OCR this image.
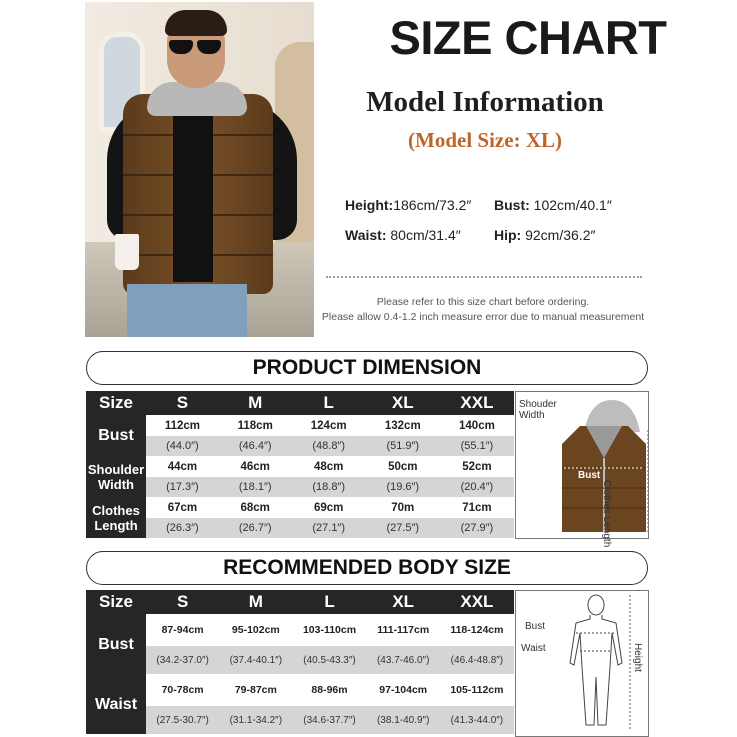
SIZE CHART
Model Information
(Model Size: XL)
Height:186cm/73.2″ Bust: 102cm/40.1″
Waist: 80cm/31.4″ Hip: 92cm/36.2″
Please refer to this size chart before ordering.
Please allow 0.4-1.2 inch measure error due to manual measurement
PRODUCT DIMENSION
Size	S	M	L	XL	XXL
Bust	112cm	118cm	124cm	132cm	140cm
	(44.0″)	(46.4″)	(48.8″)	(51.9″)	(55.1″)
Shoulder Width	44cm	46cm	48cm	50cm	52cm
	(17.3″)	(18.1″)	(18.8″)	(19.6″)	(20.4″)
Clothes Length	67cm	68cm	69cm	70m	71cm
	(26.3″)	(26.7″)	(27.1″)	(27.5″)	(27.9″)
Shouder Width
Bust
Clothes Length
RECOMMENDED BODY SIZE
Size	S	M	L	XL	XXL
Bust	87-94cm	95-102cm	103-110cm	111-117cm	118-124cm
	(34.2-37.0″)	(37.4-40.1″)	(40.5-43.3″)	(43.7-46.0″)	(46.4-48.8″)
Waist	70-78cm	79-87cm	88-96m	97-104cm	105-112cm
	(27.5-30.7″)	(31.1-34.2″)	(34.6-37.7″)	(38.1-40.9″)	(41.3-44.0″)
Bust
Waist	Height
